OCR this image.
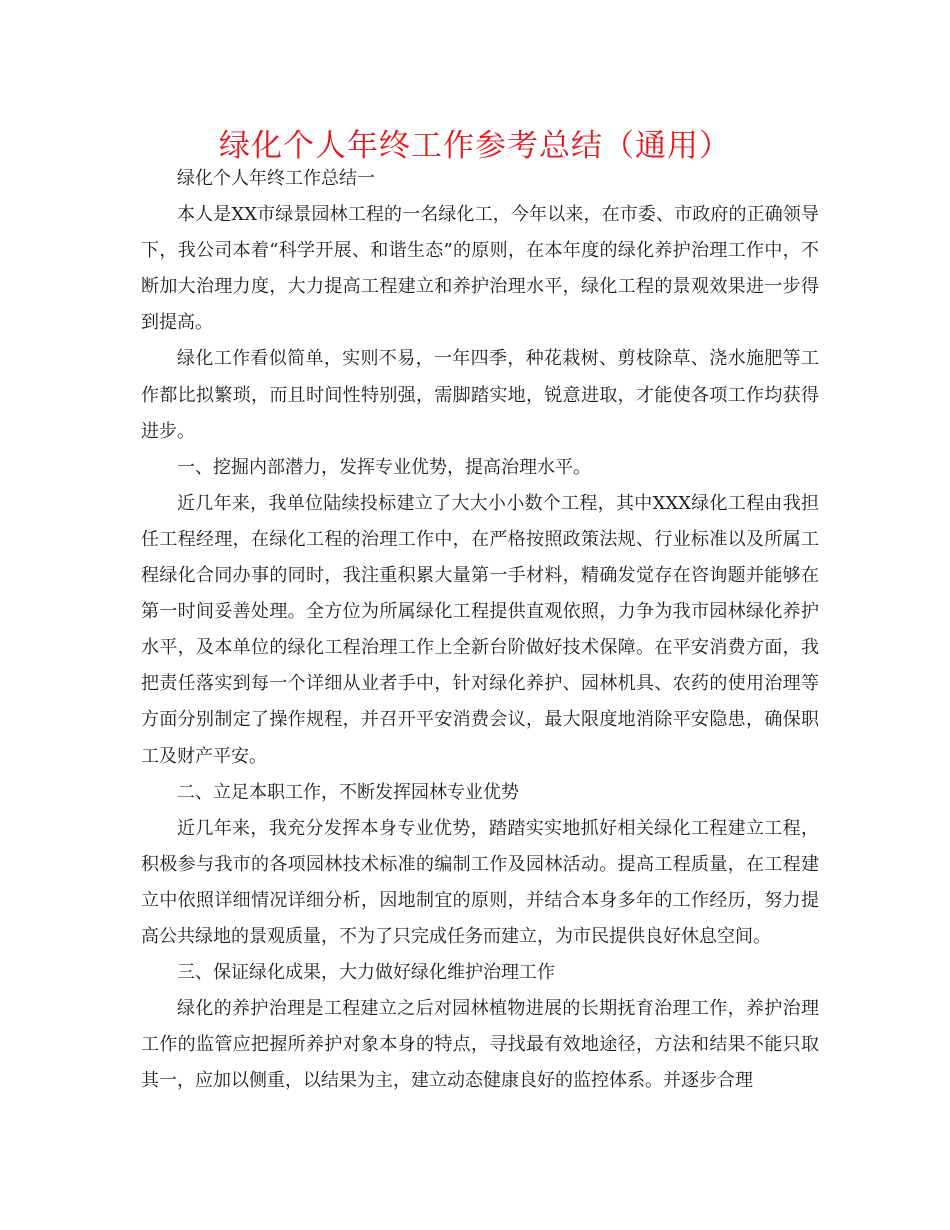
绿化个人年终工作参考总结（通用）

绿化个人年终工作总结一

本人是XX市绿景园林工程的一名绿化工，今年以来，在市委、市政府的正确领导下，我公司本着“科学开展、和谐生态”的原则，在本年度的绿化养护治理工作中，不断加大治理力度，大力提高工程建立和养护治理水平，绿化工程的景观效果进一步得到提高。

绿化工作看似简单，实则不易，一年四季，种花栽树、剪枝除草、浇水施肥等工作都比拟繁琐，而且时间性特别强，需脚踏实地，锐意进取，才能使各项工作均获得进步。

一、挖掘内部潜力，发挥专业优势，提高治理水平。

近几年来，我单位陆续投标建立了大大小小数个工程，其中XXX绿化工程由我担任工程经理，在绿化工程的治理工作中，在严格按照政策法规、行业标准以及所属工程绿化合同办事的同时，我注重积累大量第一手材料，精确发觉存在咨询题并能够在第一时间妥善处理。全方位为所属绿化工程提供直观依照，力争为我市园林绿化养护水平，及本单位的绿化工程治理工作上全新台阶做好技术保障。在平安消费方面，我把责任落实到每一个详细从业者手中，针对绿化养护、园林机具、农药的使用治理等方面分别制定了操作规程，并召开平安消费会议，最大限度地消除平安隐患，确保职工及财产平安。

二、立足本职工作，不断发挥园林专业优势

近几年来，我充分发挥本身专业优势，踏踏实实地抓好相关绿化工程建立工程，积极参与我市的各项园林技术标准的编制工作及园林活动。提高工程质量，在工程建立中依照详细情况详细分析，因地制宜的原则，并结合本身多年的工作经历，努力提高公共绿地的景观质量，不为了只完成任务而建立，为市民提供良好休息空间。

三、保证绿化成果，大力做好绿化维护治理工作

绿化的养护治理是工程建立之后对园林植物进展的长期抚育治理工作，养护治理工作的监管应把握所养护对象本身的特点，寻找最有效地途径，方法和结果不能只取其一，应加以侧重，以结果为主，建立动态健康良好的监控体系。并逐步合理
